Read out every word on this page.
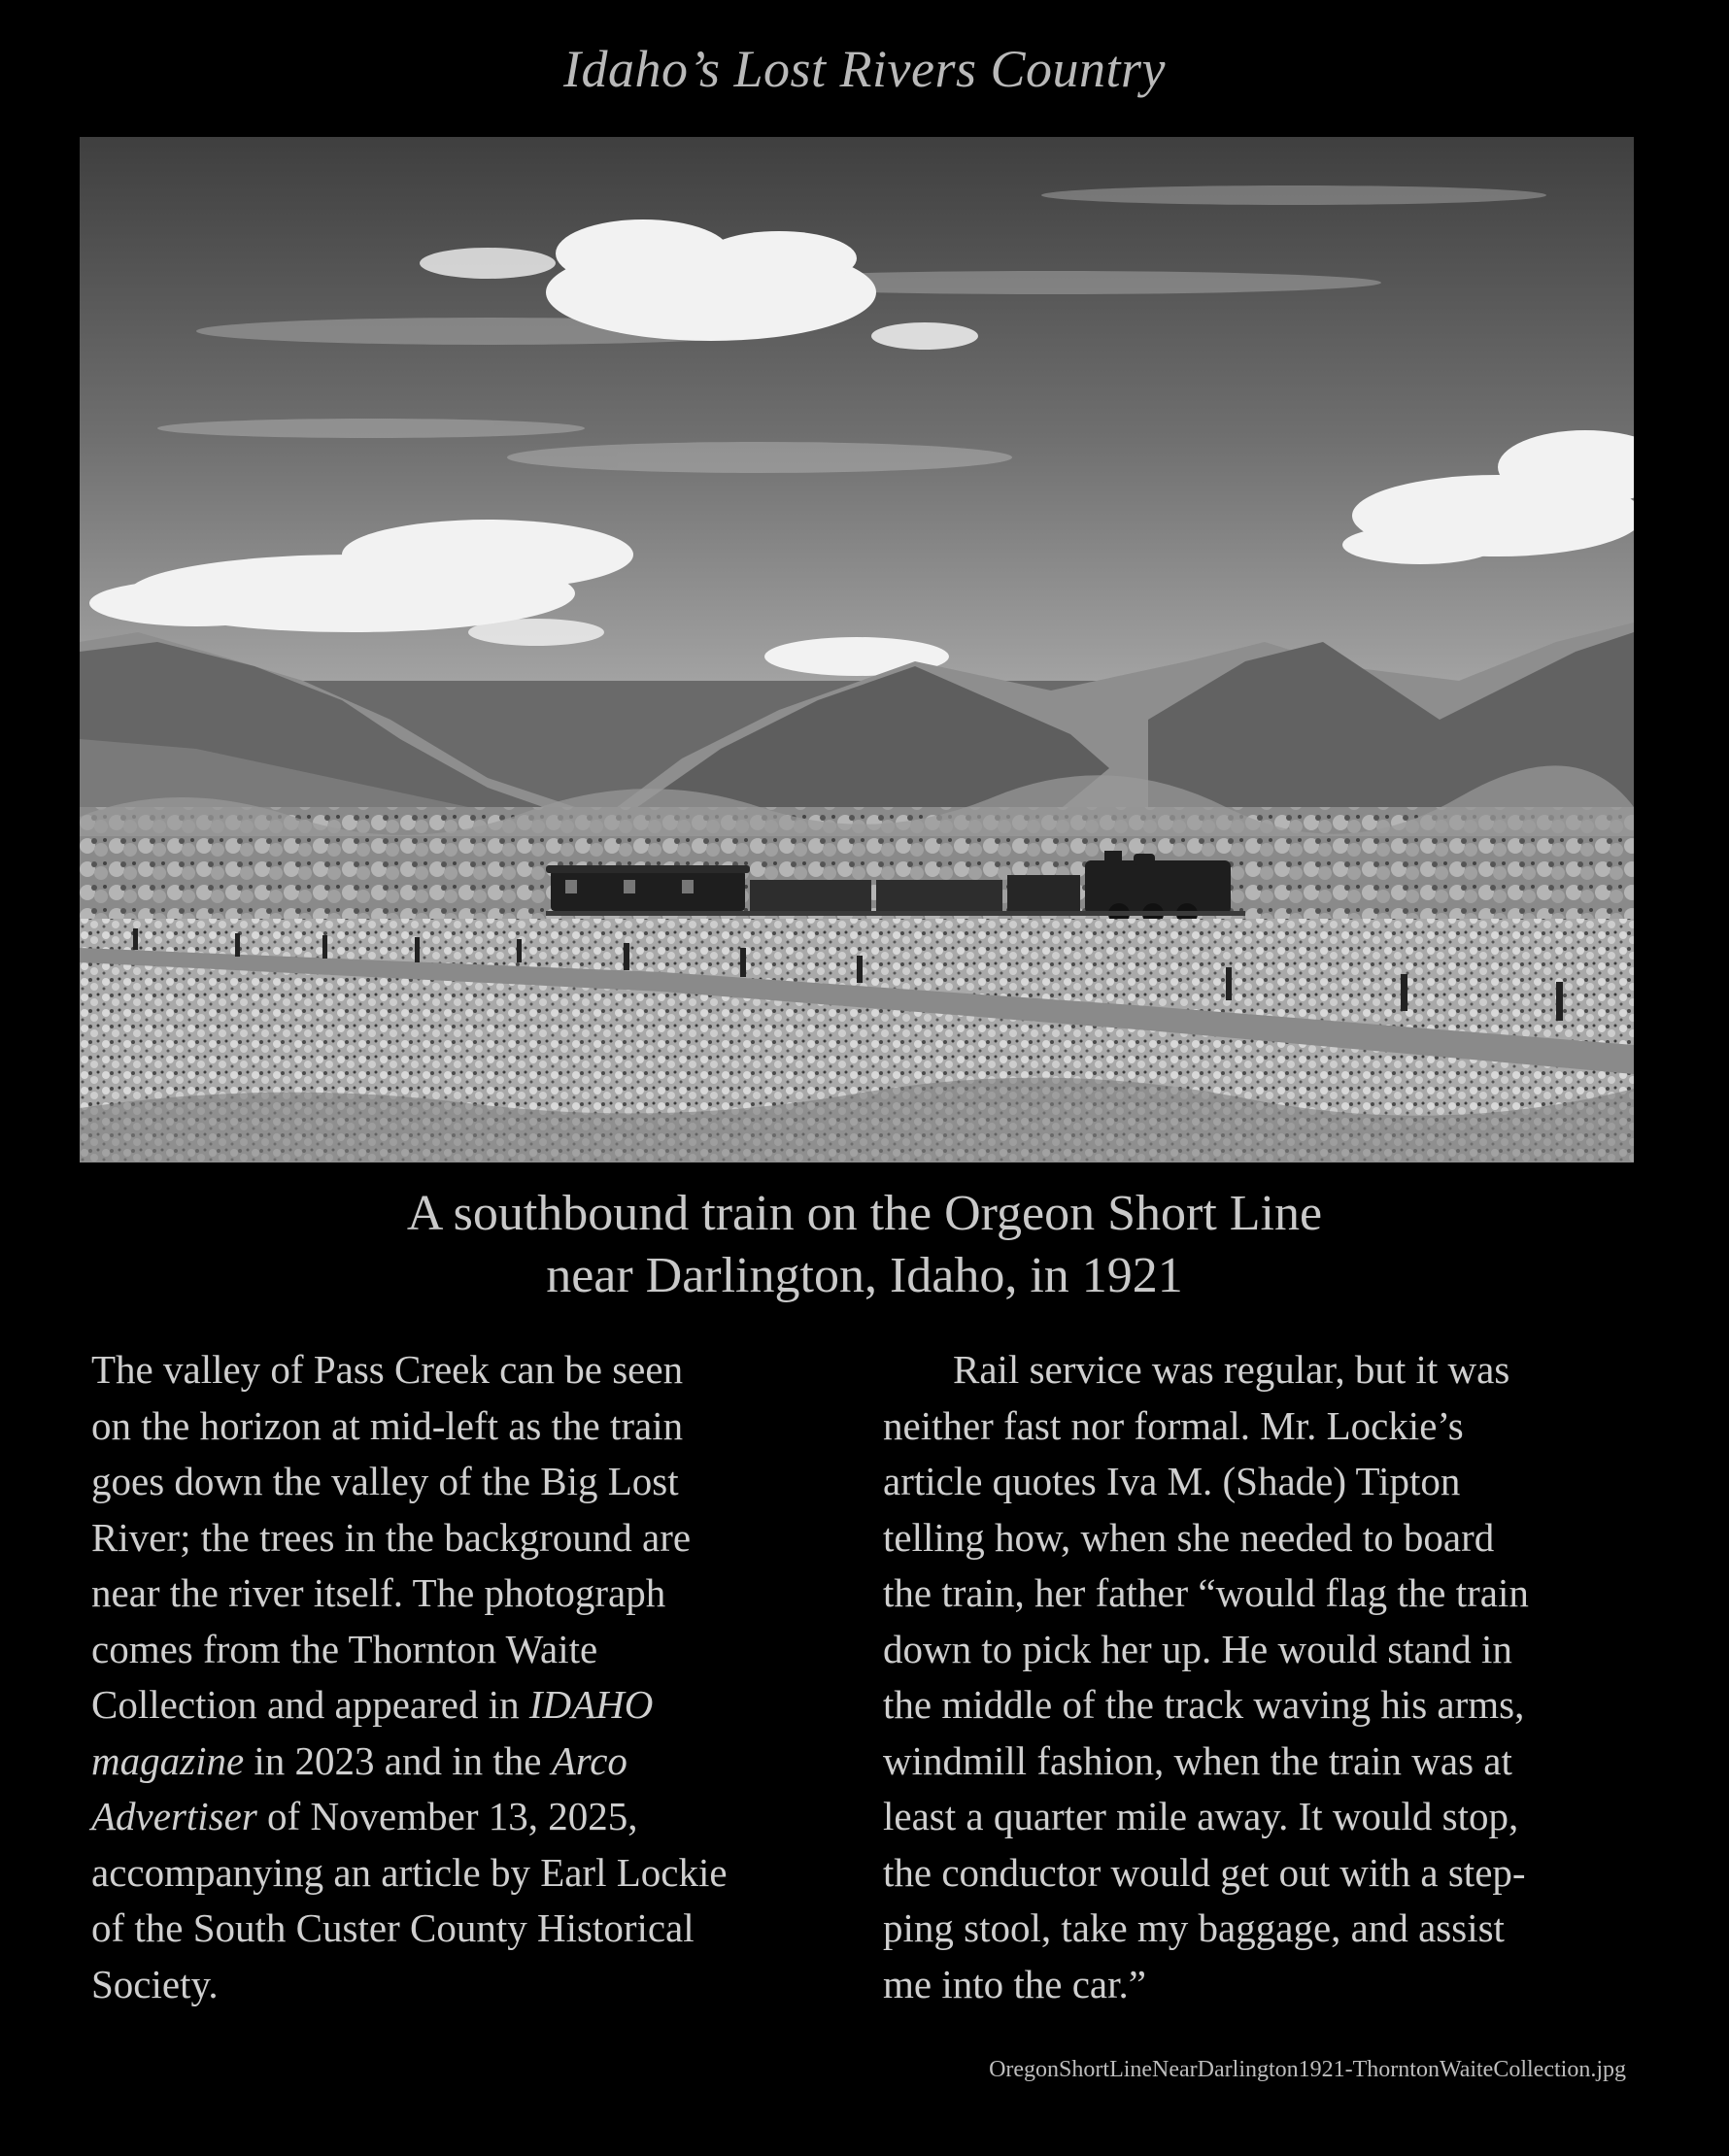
Idaho’s Lost Rivers Country
A southbound train on the Orgeon Short Line
near Darlington, Idaho, in 1921
The valley of Pass Creek can be seen
on the horizon at mid-left as the train
goes down the valley of the Big Lost
River; the trees in the background are
near the river itself. The photograph
comes from the Thornton Waite
Collection and appeared in IDAHO
magazine in 2023 and in the Arco
Advertiser of November 13, 2025,
accompanying an article by Earl Lockie
of the South Custer County Historical
Society.
Rail service was regular, but it was
neither fast nor formal. Mr. Lockie’s
article quotes Iva M. (Shade) Tipton
telling how, when she needed to board
the train, her father “would flag the train
down to pick her up. He would stand in
the middle of the track waving his arms,
windmill fashion, when the train was at
least a quarter mile away. It would stop,
the conductor would get out with a step-
ping stool, take my baggage, and assist
me into the car.”
OregonShortLineNearDarlington1921-ThorntonWaiteCollection.jpg
